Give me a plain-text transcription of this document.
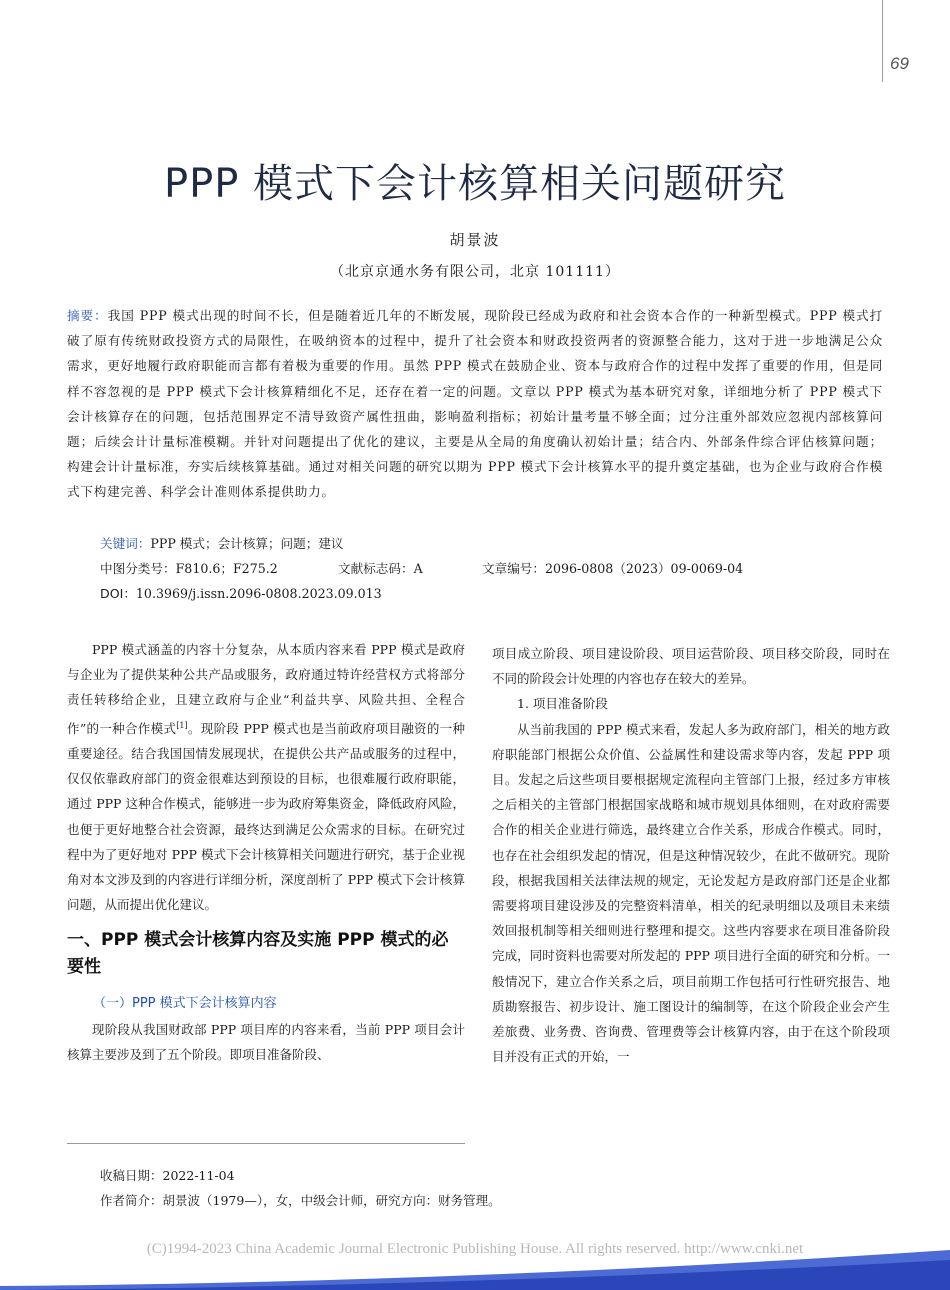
69
PPP 模式下会计核算相关问题研究
胡景波
（北京京通水务有限公司，北京 101111）
摘要：我国 PPP 模式出现的时间不长，但是随着近几年的不断发展，现阶段已经成为政府和社会资本合作的一种新型模式。PPP 模式打破了原有传统财政投资方式的局限性，在吸纳资本的过程中，提升了社会资本和财政投资两者的资源整合能力，这对于进一步地满足公众需求，更好地履行政府职能而言都有着极为重要的作用。虽然 PPP 模式在鼓励企业、资本与政府合作的过程中发挥了重要的作用，但是同样不容忽视的是 PPP 模式下会计核算精细化不足，还存在着一定的问题。文章以 PPP 模式为基本研究对象，详细地分析了 PPP 模式下会计核算存在的问题，包括范围界定不清导致资产属性扭曲，影响盈利指标；初始计量考量不够全面；过分注重外部效应忽视内部核算问题；后续会计计量标准模糊。并针对问题提出了优化的建议，主要是从全局的角度确认初始计量；结合内、外部条件综合评估核算问题；构建会计计量标准，夯实后续核算基础。通过对相关问题的研究以期为 PPP 模式下会计核算水平的提升奠定基础，也为企业与政府合作模式下构建完善、科学会计准则体系提供助力。
关键词：PPP 模式；会计核算；问题；建议
中图分类号：F810.6；F275.2	文献标志码：A	文章编号：2096-0808（2023）09-0069-04
DOI：10.3969/j.issn.2096-0808.2023.09.013

PPP 模式涵盖的内容十分复杂，从本质内容来看 PPP 模式是政府与企业为了提供某种公共产品或服务，政府通过特许经营权方式将部分责任转移给企业，且建立政府与企业“利益共享、风险共担、全程合作”的一种合作模式[1]。现阶段 PPP 模式也是当前政府项目融资的一种重要途径。结合我国国情发展现状，在提供公共产品或服务的过程中，仅仅依靠政府部门的资金很难达到预设的目标，也很难履行政府职能，通过 PPP 这种合作模式，能够进一步为政府筹集资金，降低政府风险，也便于更好地整合社会资源，最终达到满足公众需求的目标。在研究过程中为了更好地对 PPP 模式下会计核算相关问题进行研究，基于企业视角对本文涉及到的内容进行详细分析，深度剖析了 PPP 模式下会计核算问题，从而提出优化建议。

一、PPP 模式会计核算内容及实施 PPP 模式的必要性
（一）PPP 模式下会计核算内容

现阶段从我国财政部 PPP 项目库的内容来看，当前 PPP 项目会计核算主要涉及到了五个阶段。即项目准备阶段、

项目成立阶段、项目建设阶段、项目运营阶段、项目移交阶段，同时在不同的阶段会计处理的内容也存在较大的差异。

1. 项目准备阶段

从当前我国的 PPP 模式来看，发起人多为政府部门，相关的地方政府职能部门根据公众价值、公益属性和建设需求等内容，发起 PPP 项目。发起之后这些项目要根据规定流程向主管部门上报，经过多方审核之后相关的主管部门根据国家战略和城市规划具体细则，在对政府需要合作的相关企业进行筛选，最终建立合作关系，形成合作模式。同时，也存在社会组织发起的情况，但是这种情况较少，在此不做研究。现阶段，根据我国相关法律法规的规定，无论发起方是政府部门还是企业都需要将项目建设涉及的完整资料清单，相关的纪录明细以及项目未来绩效回报机制等相关细则进行整理和提交。这些内容要求在项目准备阶段完成，同时资料也需要对所发起的 PPP 项目进行全面的研究和分析。一般情况下，建立合作关系之后，项目前期工作包括可行性研究报告、地质勘察报告、初步设计、施工图设计的编制等，在这个阶段企业会产生差旅费、业务费、咨询费、管理费等会计核算内容，由于在这个阶段项目并没有正式的开始，一

收稿日期：2022-11-04
作者简介：胡景波（1979—），女，中级会计师，研究方向：财务管理。
(C)1994-2023 China Academic Journal Electronic Publishing House. All rights reserved. http://www.cnki.net
